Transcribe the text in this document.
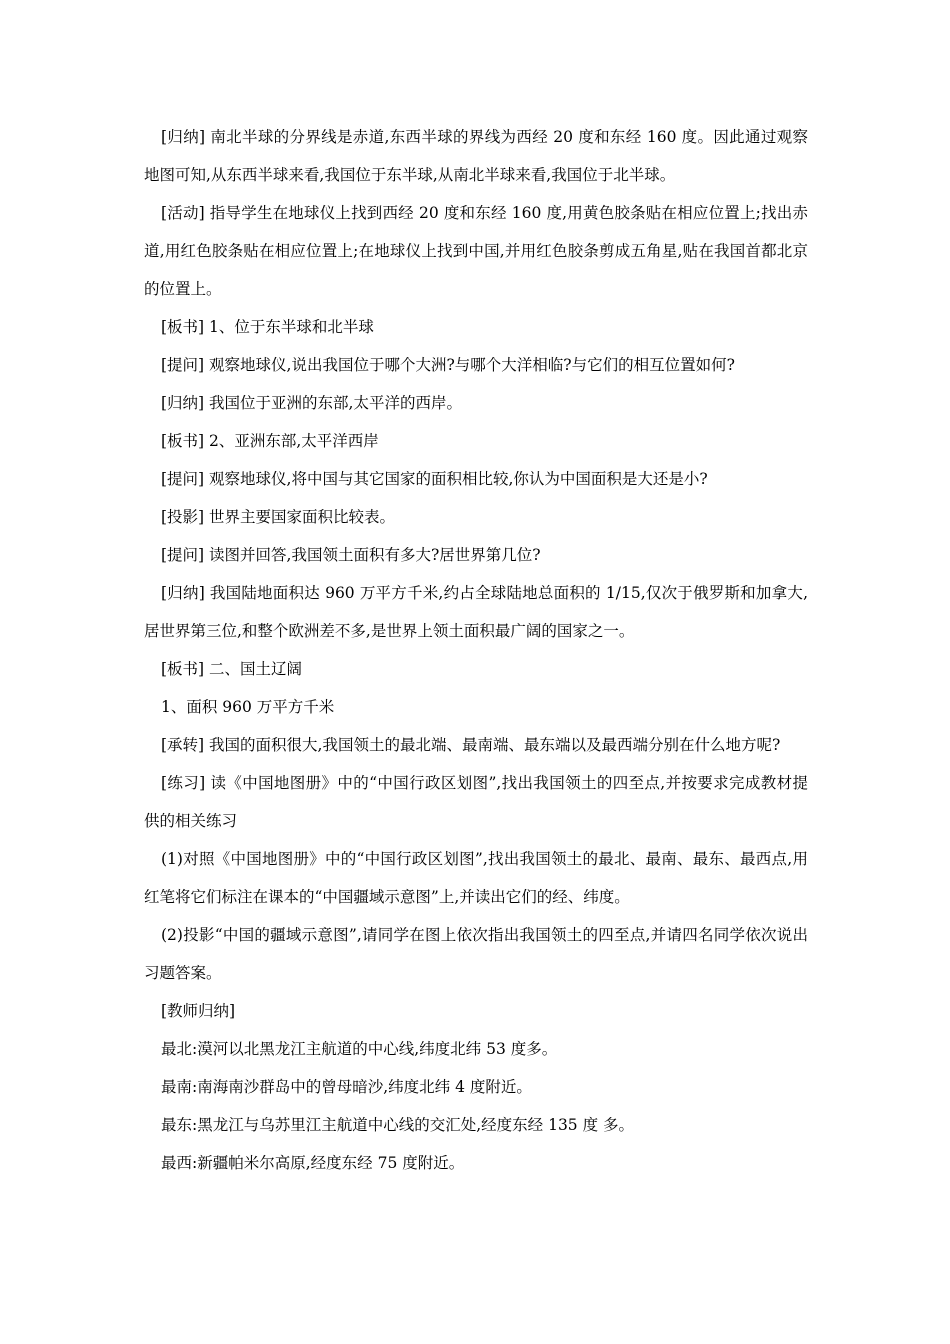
[归纳] 南北半球的分界线是赤道,东西半球的界线为西经 20 度和东经 160 度。因此通过观察地图可知,从东西半球来看,我国位于东半球,从南北半球来看,我国位于北半球。

[活动] 指导学生在地球仪上找到西经 20 度和东经 160 度,用黄色胶条贴在相应位置上;找出赤道,用红色胶条贴在相应位置上;在地球仪上找到中国,并用红色胶条剪成五角星,贴在我国首都北京的位置上。

[板书] 1、位于东半球和北半球

[提问] 观察地球仪,说出我国位于哪个大洲?与哪个大洋相临?与它们的相互位置如何?

[归纳] 我国位于亚洲的东部,太平洋的西岸。

[板书] 2、亚洲东部,太平洋西岸

[提问] 观察地球仪,将中国与其它国家的面积相比较,你认为中国面积是大还是小?

[投影] 世界主要国家面积比较表。

[提问] 读图并回答,我国领土面积有多大?居世界第几位?

[归纳] 我国陆地面积达 960 万平方千米,约占全球陆地总面积的 1/15,仅次于俄罗斯和加拿大,居世界第三位,和整个欧洲差不多,是世界上领土面积最广阔的国家之一。

[板书] 二、国土辽阔

1、面积 960 万平方千米

[承转] 我国的面积很大,我国领土的最北端、最南端、最东端以及最西端分别在什么地方呢?

[练习] 读《中国地图册》中的“中国行政区划图”,找出我国领土的四至点,并按要求完成教材提供的相关练习

(1)对照《中国地图册》中的“中国行政区划图”,找出我国领土的最北、最南、最东、最西点,用红笔将它们标注在课本的“中国疆域示意图”上,并读出它们的经、纬度。

(2)投影“中国的疆域示意图”,请同学在图上依次指出我国领土的四至点,并请四名同学依次说出习题答案。

[教师归纳]

最北:漠河以北黑龙江主航道的中心线,纬度北纬 53 度多。

最南:南海南沙群岛中的曾母暗沙,纬度北纬 4 度附近。

最东:黑龙江与乌苏里江主航道中心线的交汇处,经度东经 135 度 多。

最西:新疆帕米尔高原,经度东经 75 度附近。
